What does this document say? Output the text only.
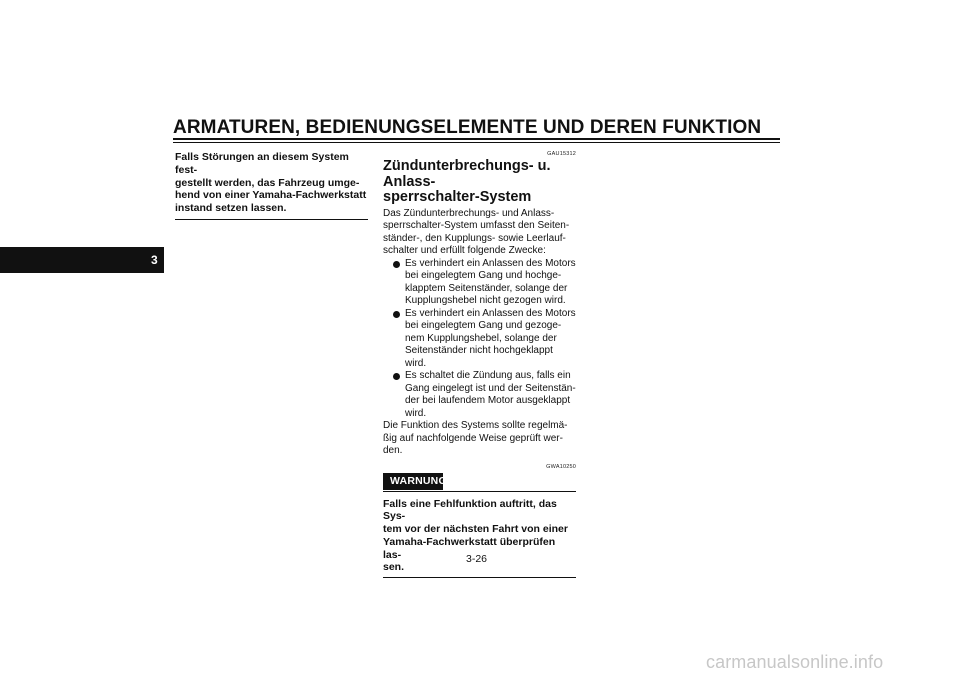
ARMATUREN, BEDIENUNGSELEMENTE UND DEREN FUNKTION
3

Falls Störungen an diesem System fest-
gestellt werden, das Fahrzeug umge-
hend von einer Yamaha-Fachwerkstatt
instand setzen lassen.

GAU15312
Zündunterbrechungs- u. Anlass-
sperrschalter-System

Das Zündunterbrechungs- und Anlass-
sperrschalter-System umfasst den Seiten-
ständer-, den Kupplungs- sowie Leerlauf-
schalter und erfüllt folgende Zwecke:

Es verhindert ein Anlassen des Motors
bei eingelegtem Gang und hochge-
klapptem Seitenständer, solange der
Kupplungshebel nicht gezogen wird.
Es verhindert ein Anlassen des Motors
bei eingelegtem Gang und gezoge-
nem Kupplungshebel, solange der
Seitenständer nicht hochgeklappt
wird.
Es schaltet die Zündung aus, falls ein
Gang eingelegt ist und der Seitenstän-
der bei laufendem Motor ausgeklappt
wird.

Die Funktion des Systems sollte regelmä-
ßig auf nachfolgende Weise geprüft wer-
den.

GWA10250
WARNUNG

Falls eine Fehlfunktion auftritt, das Sys-
tem vor der nächsten Fahrt von einer
Yamaha-Fachwerkstatt überprüfen las-
sen.

3-26
carmanualsonline.info
